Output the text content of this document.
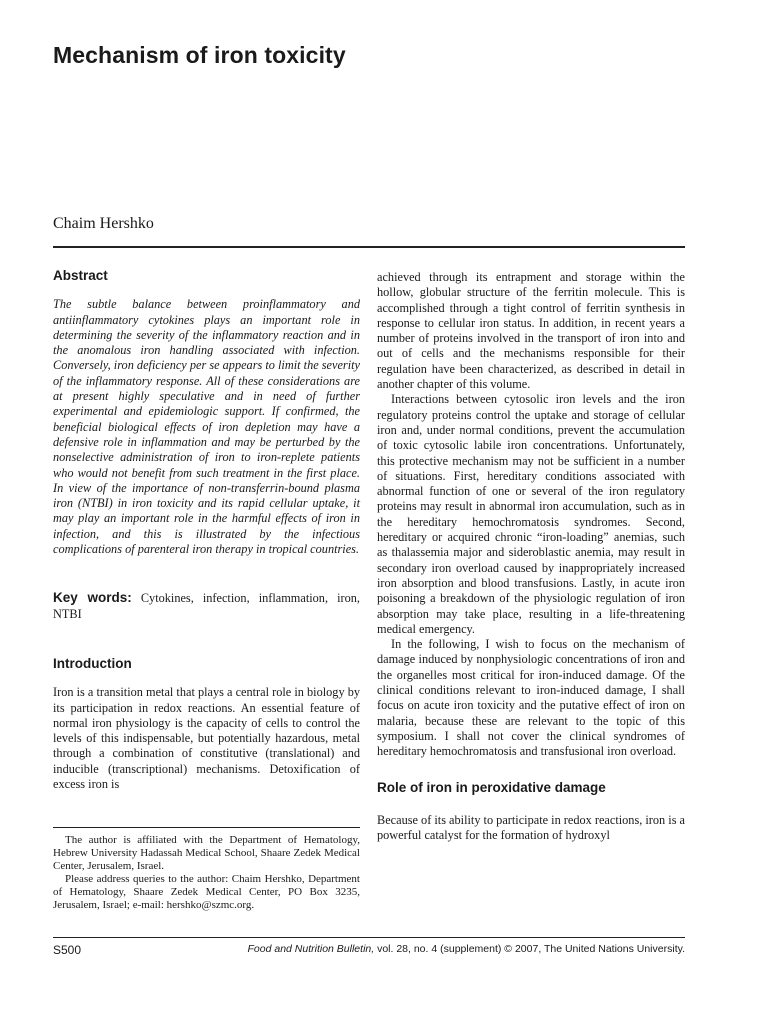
Mechanism of iron toxicity
Chaim Hershko
Abstract

The subtle balance between proinflammatory and antiinflammatory cytokines plays an important role in determining the severity of the inflammatory reaction and in the anomalous iron handling associated with infection. Conversely, iron deficiency per se appears to limit the severity of the inflammatory response. All of these considerations are at present highly speculative and in need of further experimental and epidemiologic support. If confirmed, the beneficial biological effects of iron depletion may have a defensive role in inflammation and may be perturbed by the nonselective administration of iron to iron-replete patients who would not benefit from such treatment in the first place. In view of the importance of non-transferrin-bound plasma iron (NTBI) in iron toxicity and its rapid cellular uptake, it may play an important role in the harmful effects of iron in infection, and this is illustrated by the infectious complications of parenteral iron therapy in tropical countries.

Key words: Cytokines, infection, inflammation, iron, NTBI

Introduction

Iron is a transition metal that plays a central role in biology by its participation in redox reactions. An essential feature of normal iron physiology is the capacity of cells to control the levels of this indispensable, but potentially hazardous, metal through a combination of constitutive (translational) and inducible (transcriptional) mechanisms. Detoxification of excess iron is

The author is affiliated with the Department of Hematology, Hebrew University Hadassah Medical School, Shaare Zedek Medical Center, Jerusalem, Israel.

Please address queries to the author: Chaim Hershko, Department of Hematology, Shaare Zedek Medical Center, PO Box 3235, Jerusalem, Israel; e-mail: hershko@szmc.org.

achieved through its entrapment and storage within the hollow, globular structure of the ferritin molecule. This is accomplished through a tight control of ferritin synthesis in response to cellular iron status. In addition, in recent years a number of proteins involved in the transport of iron into and out of cells and the mechanisms responsible for their regulation have been characterized, as described in detail in another chapter of this volume.

Interactions between cytosolic iron levels and the iron regulatory proteins control the uptake and storage of cellular iron and, under normal conditions, prevent the accumulation of toxic cytosolic labile iron concentrations. Unfortunately, this protective mechanism may not be sufficient in a number of situations. First, hereditary conditions associated with abnormal function of one or several of the iron regulatory proteins may result in abnormal iron accumulation, such as in the hereditary hemochromatosis syndromes. Second, hereditary or acquired chronic “iron-loading” anemias, such as thalassemia major and sideroblastic anemia, may result in secondary iron overload caused by inappropriately increased iron absorption and blood transfusions. Lastly, in acute iron poisoning a breakdown of the physiologic regulation of iron absorption may take place, resulting in a life-threatening medical emergency.

In the following, I wish to focus on the mechanism of damage induced by nonphysiologic concentrations of iron and the organelles most critical for iron-induced damage. Of the clinical conditions relevant to iron-induced damage, I shall focus on acute iron toxicity and the putative effect of iron on malaria, because these are relevant to the topic of this symposium. I shall not cover the clinical syndromes of hereditary hemochromatosis and transfusional iron overload.

Role of iron in peroxidative damage

Because of its ability to participate in redox reactions, iron is a powerful catalyst for the formation of hydroxyl

S500	Food and Nutrition Bulletin, vol. 28, no. 4 (supplement) © 2007, The United Nations University.
